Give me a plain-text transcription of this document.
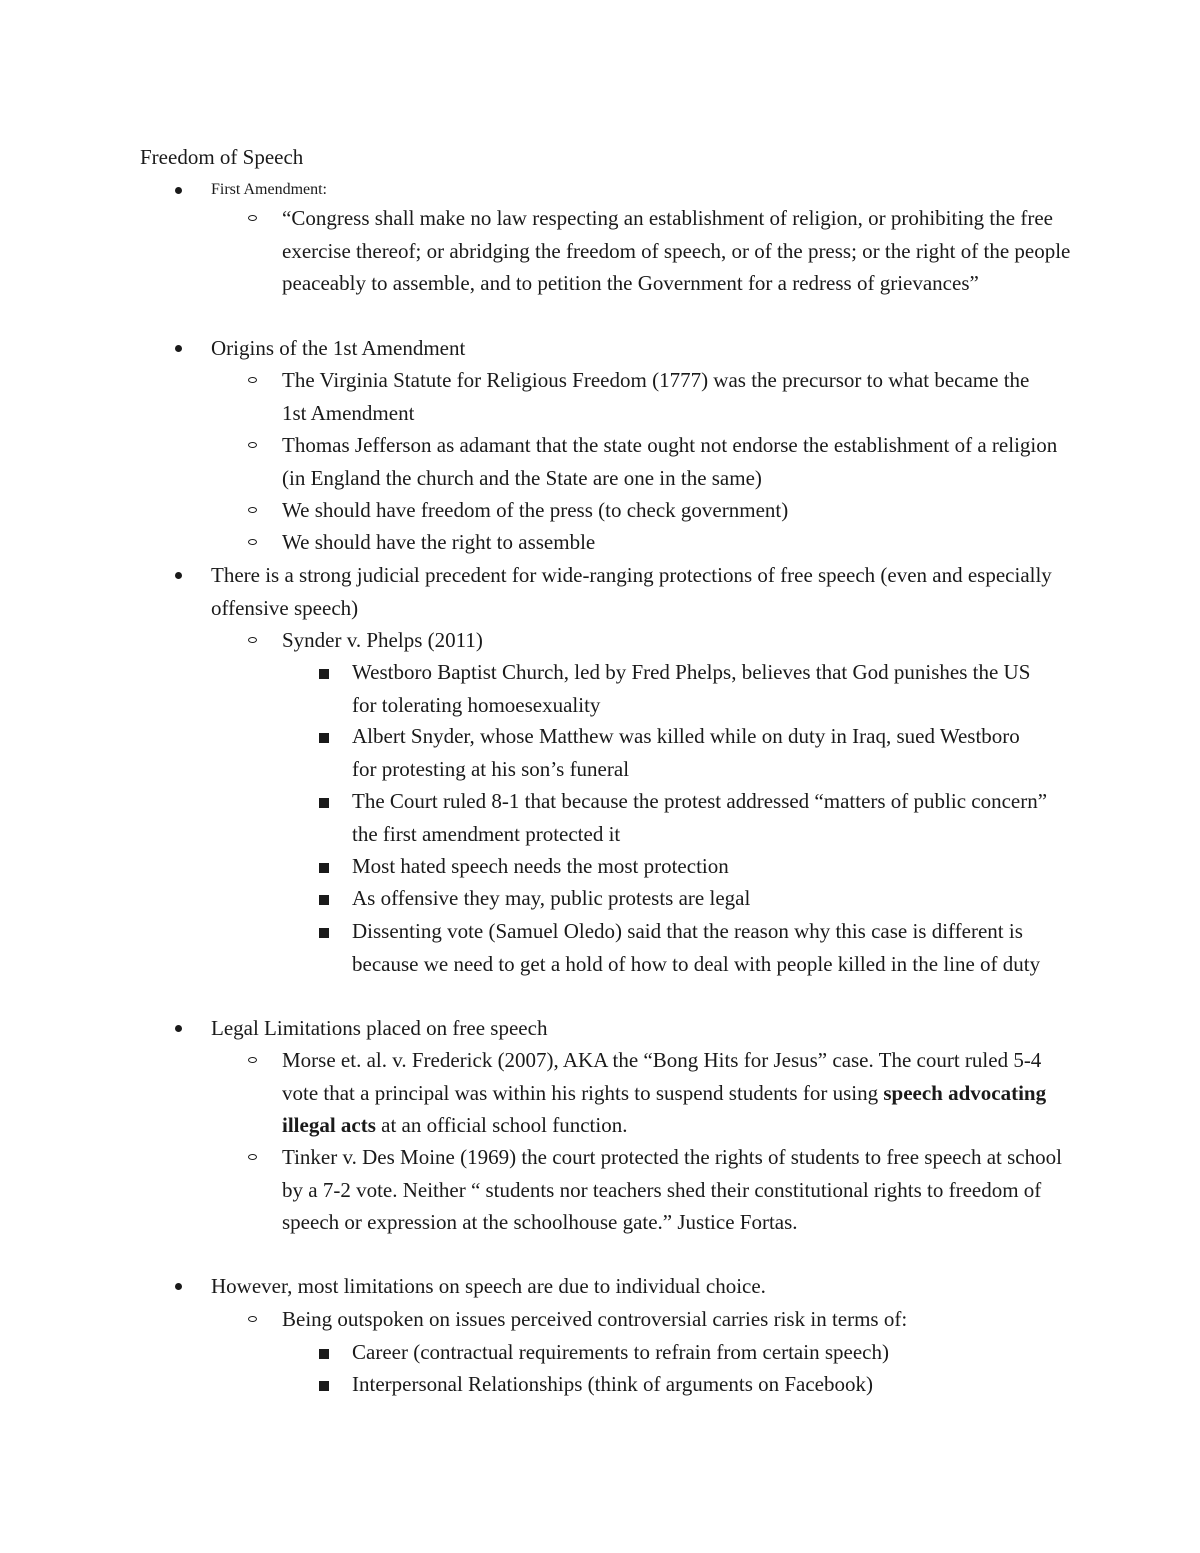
Freedom of Speech
First Amendment:
“Congress shall make no law respecting an establishment of religion, or prohibiting the free exercise thereof; or abridging the freedom of speech, or of the press; or the right of the people peaceably to assemble, and to petition the Government for a redress of grievances”
Origins of the 1st Amendment
The Virginia Statute for Religious Freedom (1777) was the precursor to what became the 1st Amendment
Thomas Jefferson as adamant that the state ought not endorse the establishment of a religion (in England the church and the State are one in the same)
We should have freedom of the press (to check government)
We should have the right to assemble
There is a strong judicial precedent for wide-ranging protections of free speech (even and especially offensive speech)
Synder v. Phelps (2011)
Westboro Baptist Church, led by Fred Phelps, believes that God punishes the US for tolerating homoesexuality
Albert Snyder, whose Matthew was killed while on duty in Iraq, sued Westboro for protesting at his son’s funeral
The Court ruled 8-1 that because the protest addressed “matters of public concern” the first amendment protected it
Most hated speech needs the most protection
As offensive they may, public protests are legal
Dissenting vote (Samuel Oledo) said that the reason why this case is different is because we need to get a hold of how to deal with people killed in the line of duty
Legal Limitations placed on free speech
Morse et. al. v. Frederick (2007), AKA the “Bong Hits for Jesus” case. The court ruled 5-4 vote that a principal was within his rights to suspend students for using speech advocating illegal acts at an official school function.
Tinker v. Des Moine (1969) the court protected the rights of students to free speech at school by a 7-2 vote. Neither “ students nor teachers shed their constitutional rights to freedom of speech or expression at the schoolhouse gate.” Justice Fortas.
However, most limitations on speech are due to individual choice.
Being outspoken on issues perceived controversial carries risk in terms of:
Career (contractual requirements to refrain from certain speech)
Interpersonal Relationships (think of arguments on Facebook)
